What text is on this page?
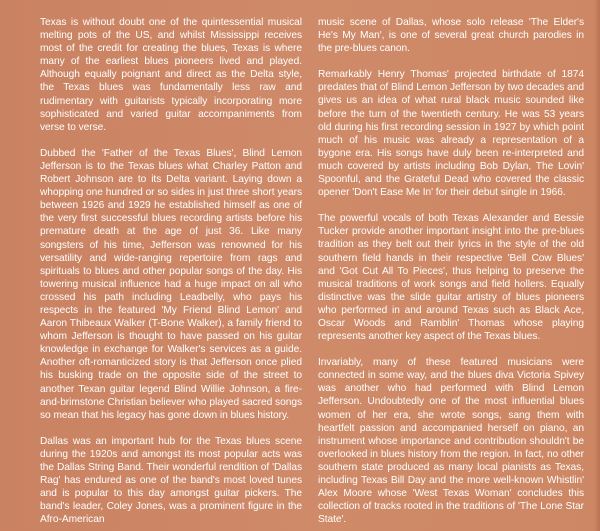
Texas is without doubt one of the quintessential musical melting pots of the US, and whilst Mississippi receives most of the credit for creating the blues, Texas is where many of the earliest blues pioneers lived and played. Although equally poignant and direct as the Delta style, the Texas blues was fundamentally less raw and rudimentary with guitarists typically incorporating more sophisticated and varied guitar accompaniments from verse to verse.

Dubbed the 'Father of the Texas Blues', Blind Lemon Jefferson is to the Texas blues what Charley Patton and Robert Johnson are to its Delta variant. Laying down a whopping one hundred or so sides in just three short years between 1926 and 1929 he established himself as one of the very first successful blues recording artists before his premature death at the age of just 36. Like many songsters of his time, Jefferson was renowned for his versatility and wide-ranging repertoire from rags and spirituals to blues and other popular songs of the day. His towering musical influence had a huge impact on all who crossed his path including Leadbelly, who pays his respects in the featured 'My Friend Blind Lemon' and Aaron Thibeaux Walker (T-Bone Walker), a family friend to whom Jefferson is thought to have passed on his guitar knowledge in exchange for Walker's services as a guide. Another oft-romanticized story is that Jefferson once plied his busking trade on the opposite side of the street to another Texan guitar legend Blind Willie Johnson, a fire-and-brimstone Christian believer who played sacred songs so mean that his legacy has gone down in blues history.

Dallas was an important hub for the Texas blues scene during the 1920s and amongst its most popular acts was the Dallas String Band. Their wonderful rendition of 'Dallas Rag' has endured as one of the band's most loved tunes and is popular to this day amongst guitar pickers. The band's leader, Coley Jones, was a prominent figure in the Afro-American

music scene of Dallas, whose solo release 'The Elder's He's My Man', is one of several great church parodies in the pre-blues canon.

Remarkably Henry Thomas' projected birthdate of 1874 predates that of Blind Lemon Jefferson by two decades and gives us an idea of what rural black music sounded like before the turn of the twentieth century. He was 53 years old during his first recording session in 1927 by which point much of his music was already a representation of a bygone era. His songs have duly been re-interpreted and much covered by artists including Bob Dylan, The Lovin' Spoonful, and the Grateful Dead who covered the classic opener 'Don't Ease Me In' for their debut single in 1966.

The powerful vocals of both Texas Alexander and Bessie Tucker provide another important insight into the pre-blues tradition as they belt out their lyrics in the style of the old southern field hands in their respective 'Bell Cow Blues' and 'Got Cut All To Pieces', thus helping to preserve the musical traditions of work songs and field hollers. Equally distinctive was the slide guitar artistry of blues pioneers who performed in and around Texas such as Black Ace, Oscar Woods and Ramblin' Thomas whose playing represents another key aspect of the Texas blues.

Invariably, many of these featured musicians were connected in some way, and the blues diva Victoria Spivey was another who had performed with Blind Lemon Jefferson. Undoubtedly one of the most influential blues women of her era, she wrote songs, sang them with heartfelt passion and accompanied herself on piano, an instrument whose importance and contribution shouldn't be overlooked in blues history from the region. In fact, no other southern state produced as many local pianists as Texas, including Texas Bill Day and the more well-known Whistlin' Alex Moore whose 'West Texas Woman' concludes this collection of tracks rooted in the traditions of 'The Lone Star State'.
